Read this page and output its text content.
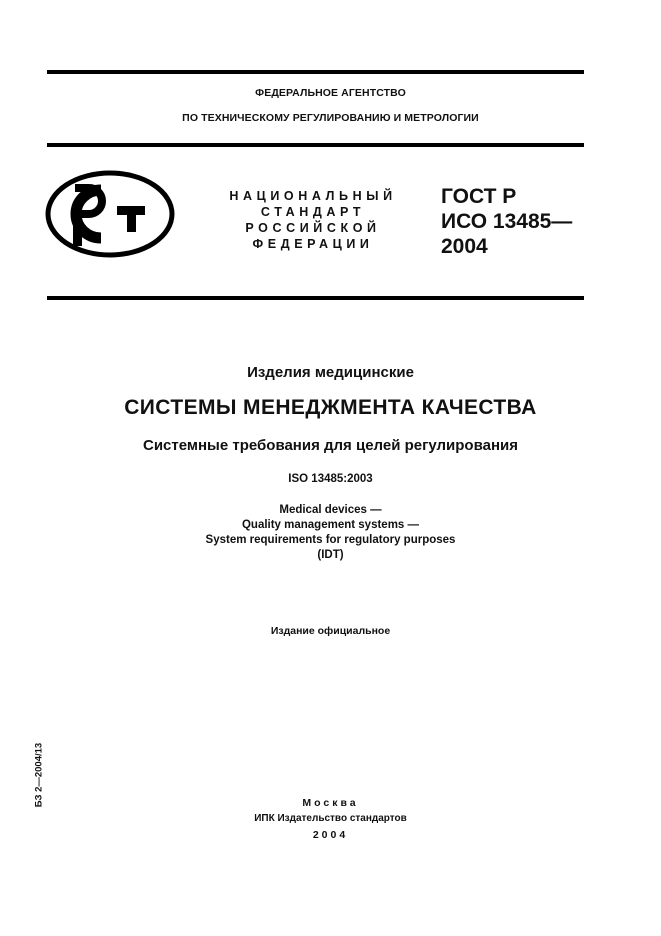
ФЕДЕРАЛЬНОЕ АГЕНТСТВО
ПО ТЕХНИЧЕСКОМУ РЕГУЛИРОВАНИЮ И МЕТРОЛОГИИ
НАЦИОНАЛЬНЫЙ
СТАНДАРТ
РОССИЙСКОЙ
ФЕДЕРАЦИИ
ГОСТ Р
ИСО 13485—
2004
Изделия медицинские
СИСТЕМЫ МЕНЕДЖМЕНТА КАЧЕСТВА
Системные требования для целей регулирования
ISO 13485:2003
Medical devices —
Quality management systems —
System requirements for regulatory purposes
(IDT)
Издание официальное
БЗ 2—2004/13	Москва
ИПК Издательство стандартов
2004
